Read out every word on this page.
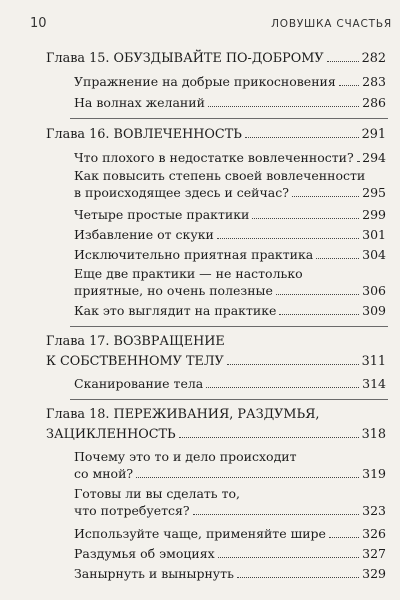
10	ЛОВУШКА СЧАСТЬЯ
Глава 15. ОБУЗДЫВАЙТЕ ПО-ДОБРОМУ	282
Упражнение на добрые прикосновения 283
На волнах желаний	286
Глава 16. ВОВЛЕЧЕННОСТЬ	291
Что плохого в недостатке вовлеченности? 294
Как повысить степень своей вовлеченности
в происходящее здесь и сейчас?	295
Четыре простые практики	299
Избавление от скуки	301
Исключительно приятная практика	304
Еще две практики — не настолько
приятные, но очень полезные	306
Как это выглядит на практике	309
Глава 17. ВОЗВРАЩЕНИЕ
К СОБСТВЕННОМУ ТЕЛУ	311
Сканирование тела	314
Глава 18. ПЕРЕЖИВАНИЯ, РАЗДУМЬЯ,
ЗАЦИКЛЕННОСТЬ	318
Почему это то и дело происходит
со мной?	319
Готовы ли вы сделать то,
что потребуется?	323
Используйте чаще, применяйте шире	326
Раздумья об эмоциях	327
Занырнуть и вынырнуть	329
